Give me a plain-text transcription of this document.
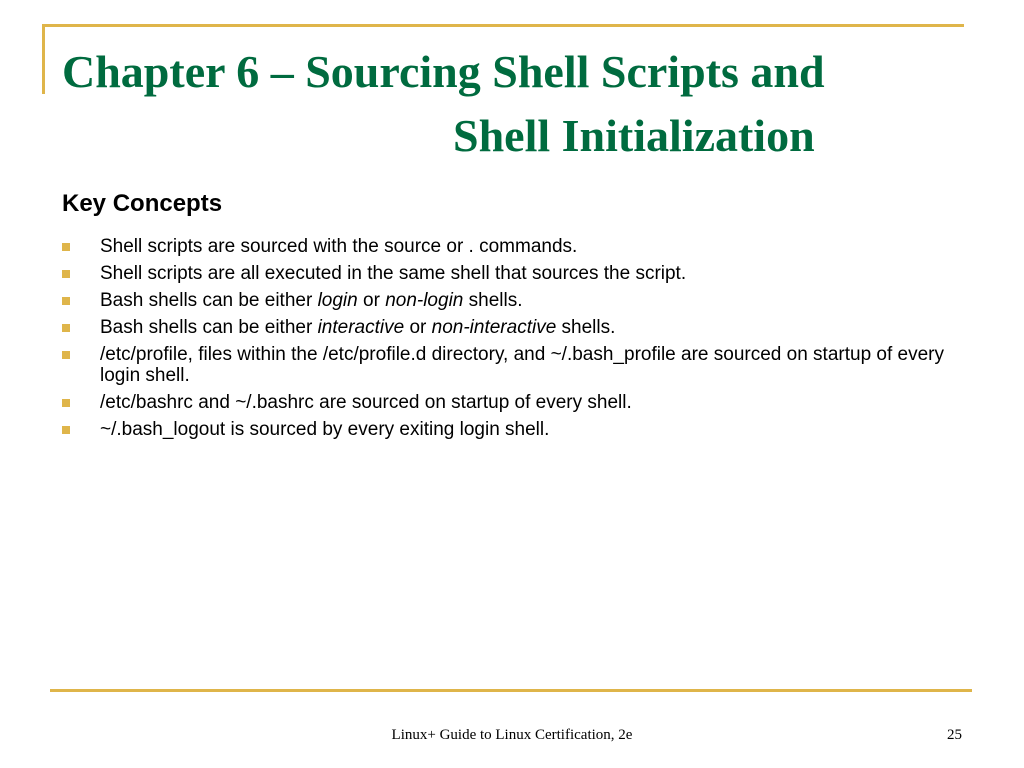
Chapter 6 – Sourcing Shell Scripts and
Shell Initialization
Key Concepts
Shell scripts are sourced with the source or . commands.
Shell scripts are all executed in the same shell that sources the script.
Bash shells can be either login or non-login shells.
Bash shells can be either interactive or non-interactive shells.
/etc/profile, files within the /etc/profile.d directory, and ~/.bash_profile are sourced on startup of every login shell.
/etc/bashrc and ~/.bashrc are sourced on startup of every shell.
~/.bash_logout is sourced by every exiting login shell.
Linux+ Guide to Linux Certification, 2e	25
